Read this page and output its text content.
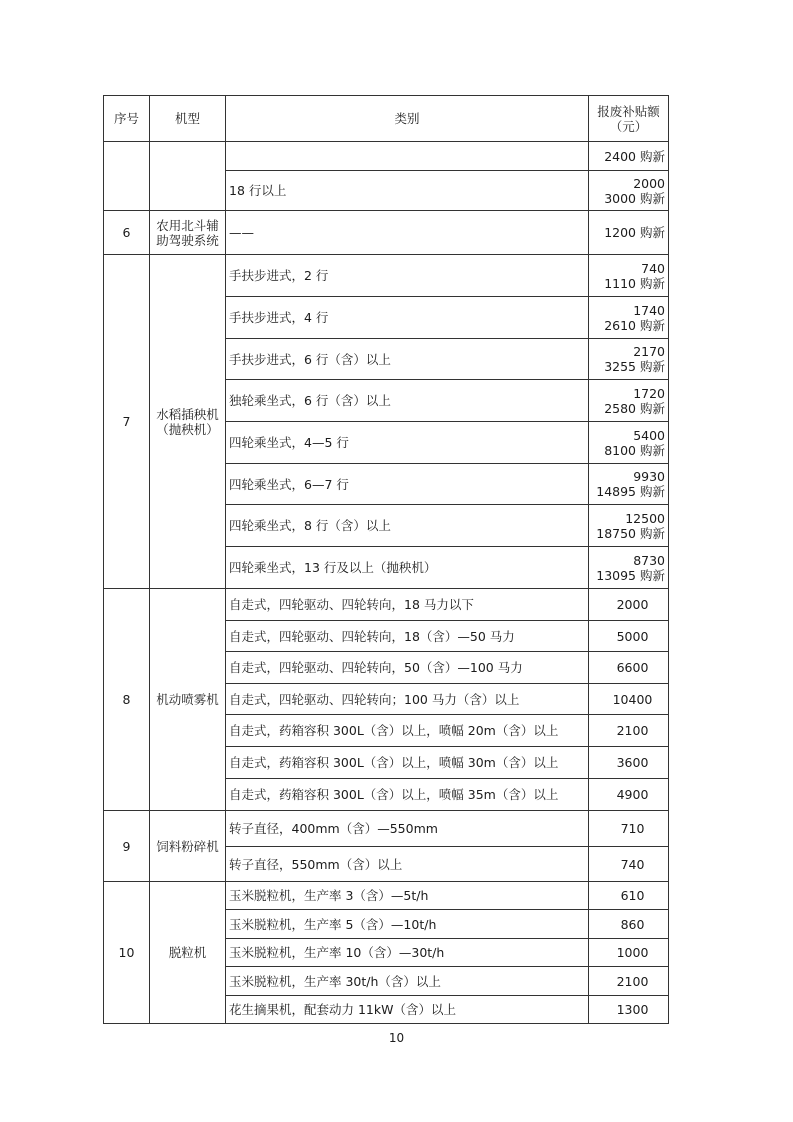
序号	机型	类别	报废补贴额（元）

			2400 购新

		18 行以上	2000
3000 购新

6	农用北斗辅助驾驶系统	——	1200 购新

7	水稻插秧机（抛秧机）	手扶步进式，2 行	740
1110 购新

		手扶步进式，4 行	1740
2610 购新

		手扶步进式，6 行（含）以上	2170
3255 购新

		独轮乘坐式，6 行（含）以上	1720
2580 购新

		四轮乘坐式，4—5 行	5400
8100 购新

		四轮乘坐式，6—7 行	9930
14895 购新

		四轮乘坐式，8 行（含）以上	12500
18750 购新

		四轮乘坐式，13 行及以上（抛秧机）	8730
13095 购新

8	机动喷雾机	自走式，四轮驱动、四轮转向，18 马力以下	2000

		自走式，四轮驱动、四轮转向，18（含）—50 马力	5000

		自走式，四轮驱动、四轮转向，50（含）—100 马力	6600

		自走式，四轮驱动、四轮转向；100 马力（含）以上	10400

		自走式，药箱容积 300L（含）以上，喷幅 20m（含）以上	2100

		自走式，药箱容积 300L（含）以上，喷幅 30m（含）以上	3600

		自走式，药箱容积 300L（含）以上，喷幅 35m（含）以上	4900

9	饲料粉碎机	转子直径，400mm（含）—550mm	710

		转子直径，550mm（含）以上	740

10	脱粒机	玉米脱粒机，生产率 3（含）—5t/h	610

		玉米脱粒机，生产率 5（含）—10t/h	860

		玉米脱粒机，生产率 10（含）—30t/h	1000

		玉米脱粒机，生产率 30t/h（含）以上	2100

		花生摘果机，配套动力 11kW（含）以上	1300
10
